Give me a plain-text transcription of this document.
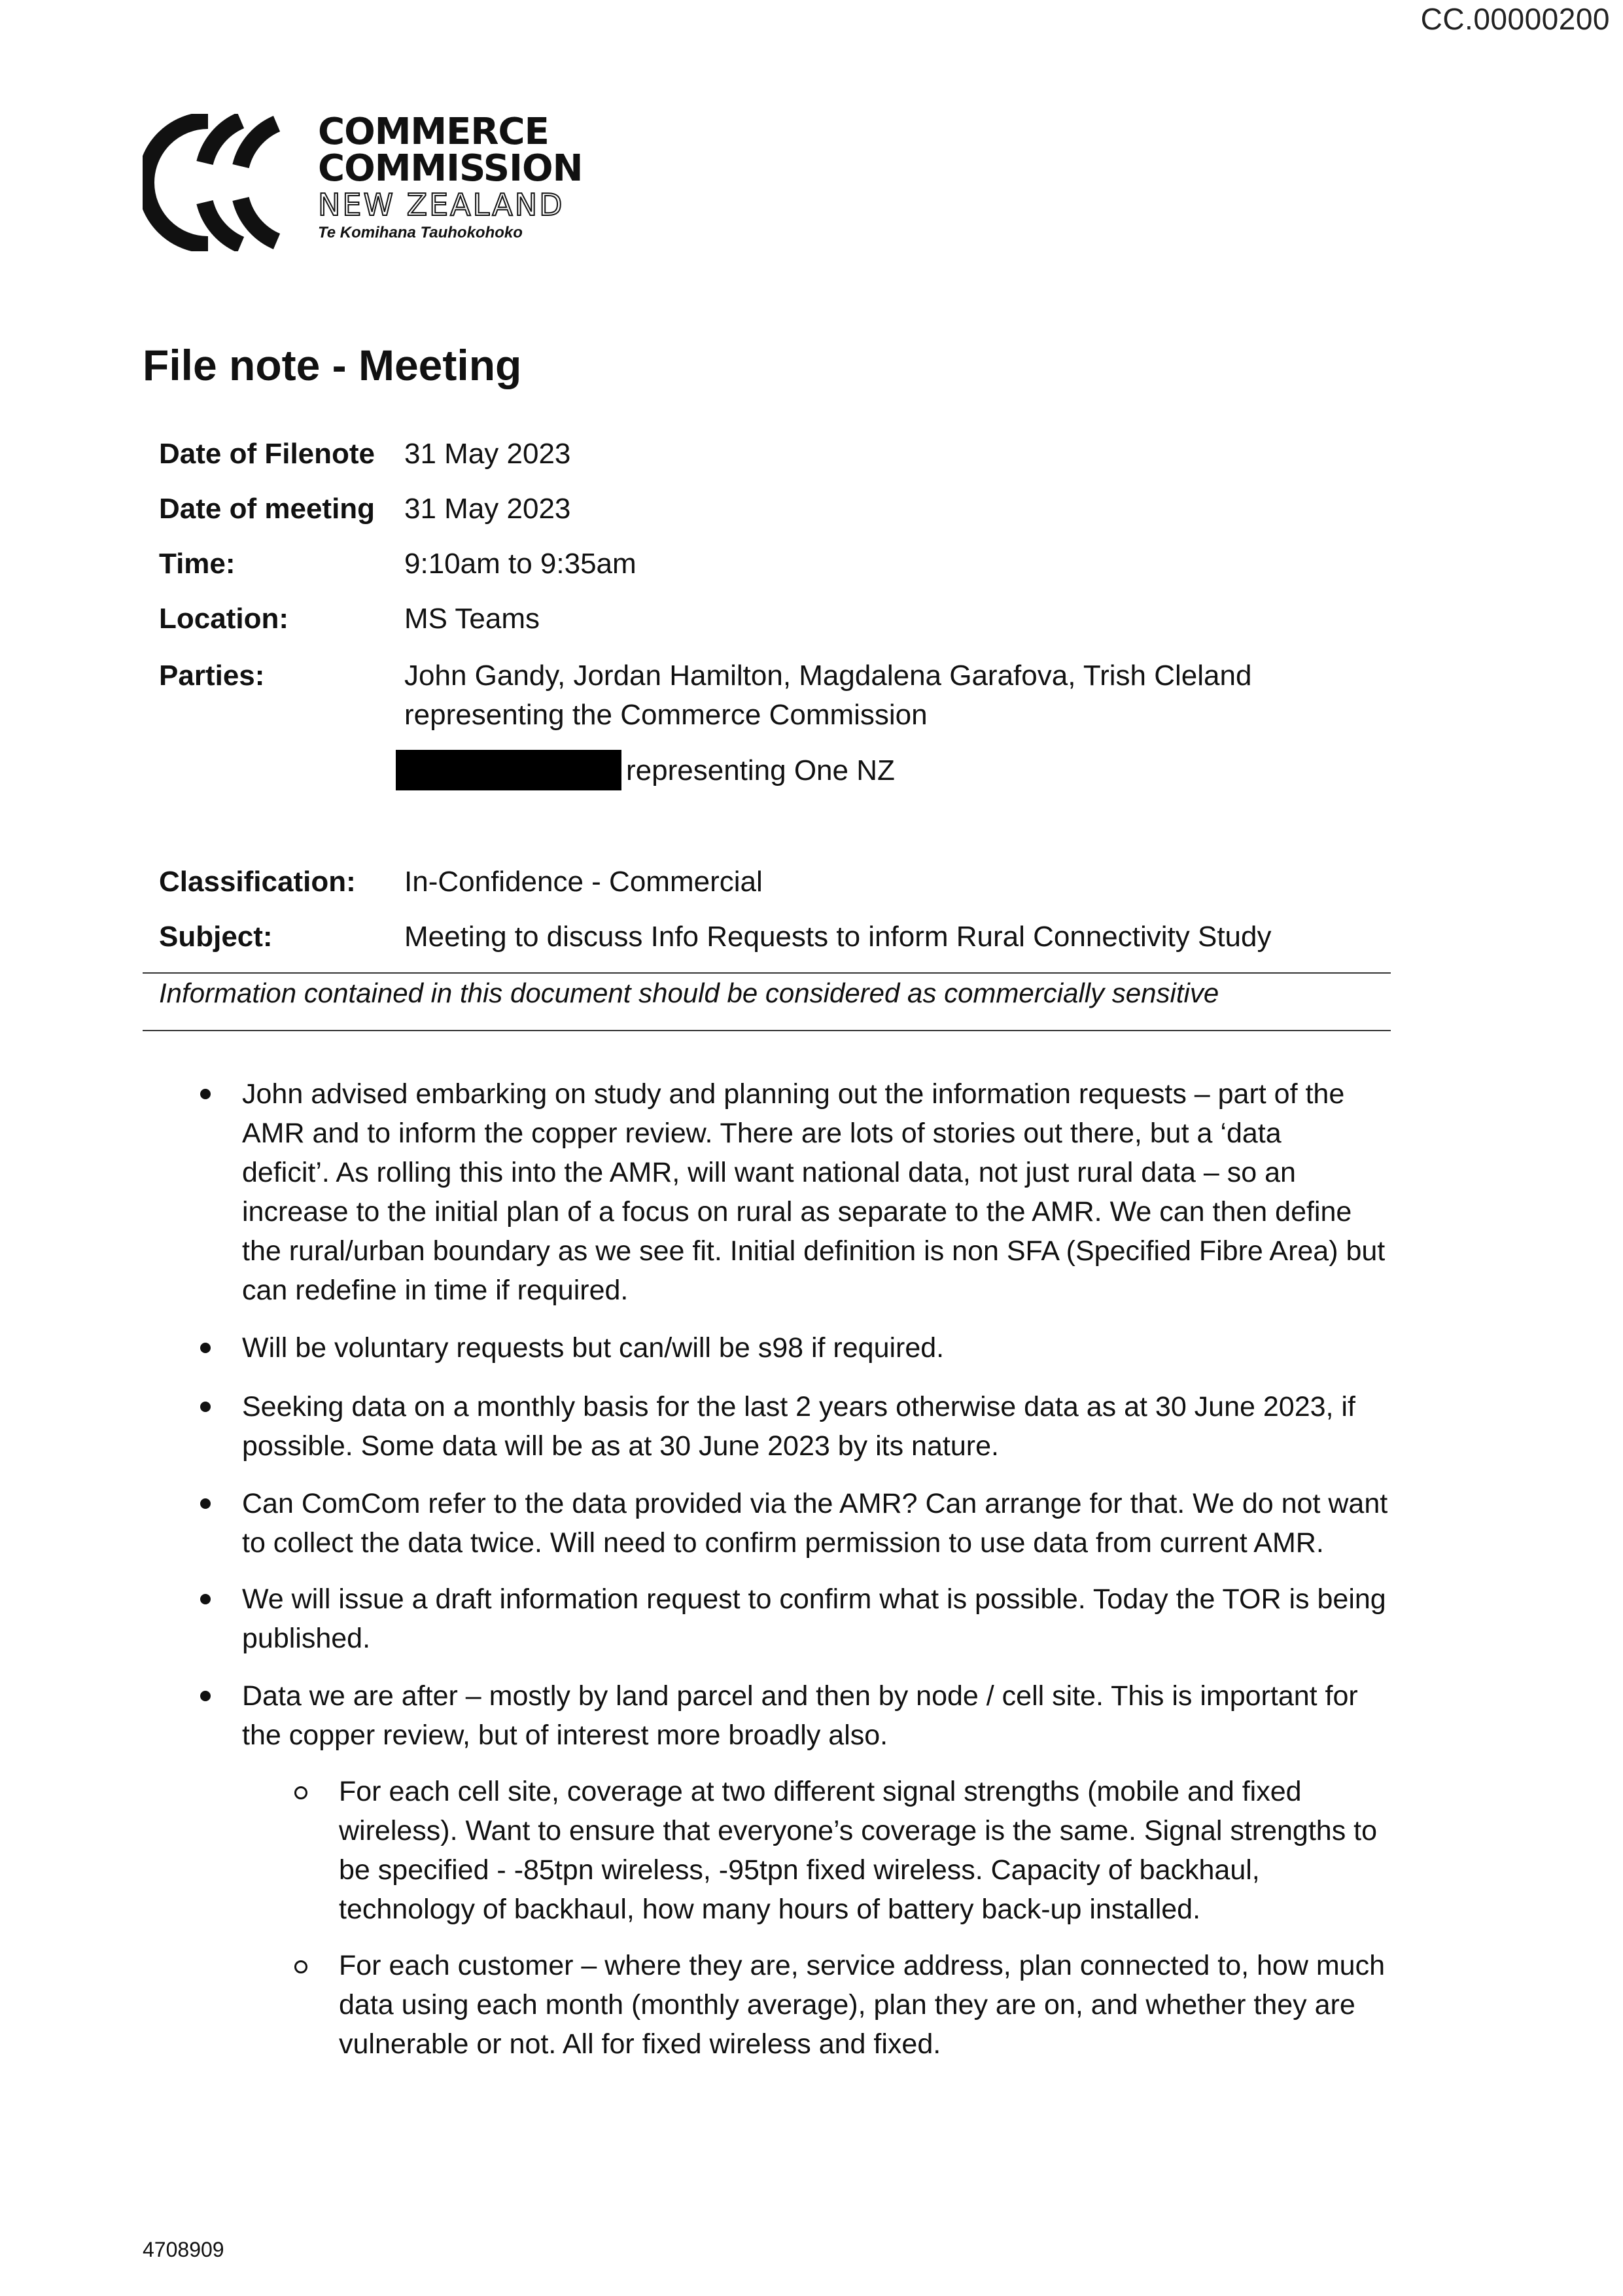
CC.00000200
COMMERCE
COMMISSION
NEW ZEALAND
Te Komihana Tauhokohoko
File note - Meeting
Date of Filenote 31 May 2023
Date of meeting 31 May 2023
Time:	9:10am to 9:35am
Location:	MS Teams
Parties:	John Gandy, Jordan Hamilton, Magdalena Garafova, Trish Cleland
representing the Commerce Commission
representing One NZ
Classification: In-Confidence - Commercial
Subject:	Meeting to discuss Info Requests to inform Rural Connectivity Study
Information contained in this document should be considered as commercially sensitive
John advised embarking on study and planning out the information requests – part of the
AMR and to inform the copper review. There are lots of stories out there, but a ‘data
deficit’. As rolling this into the AMR, will want national data, not just rural data – so an
increase to the initial plan of a focus on rural as separate to the AMR. We can then define
the rural/urban boundary as we see fit. Initial definition is non SFA (Specified Fibre Area) but
can redefine in time if required.
Will be voluntary requests but can/will be s98 if required.
Seeking data on a monthly basis for the last 2 years otherwise data as at 30 June 2023, if
possible. Some data will be as at 30 June 2023 by its nature.
Can ComCom refer to the data provided via the AMR? Can arrange for that. We do not want
to collect the data twice. Will need to confirm permission to use data from current AMR.
We will issue a draft information request to confirm what is possible. Today the TOR is being
published.
Data we are after – mostly by land parcel and then by node / cell site. This is important for
the copper review, but of interest more broadly also.
For each cell site, coverage at two different signal strengths (mobile and fixed
wireless). Want to ensure that everyone’s coverage is the same. Signal strengths to
be specified - -85tpn wireless, -95tpn fixed wireless. Capacity of backhaul,
technology of backhaul, how many hours of battery back-up installed.
For each customer – where they are, service address, plan connected to, how much
data using each month (monthly average), plan they are on, and whether they are
vulnerable or not. All for fixed wireless and fixed.
4708909
